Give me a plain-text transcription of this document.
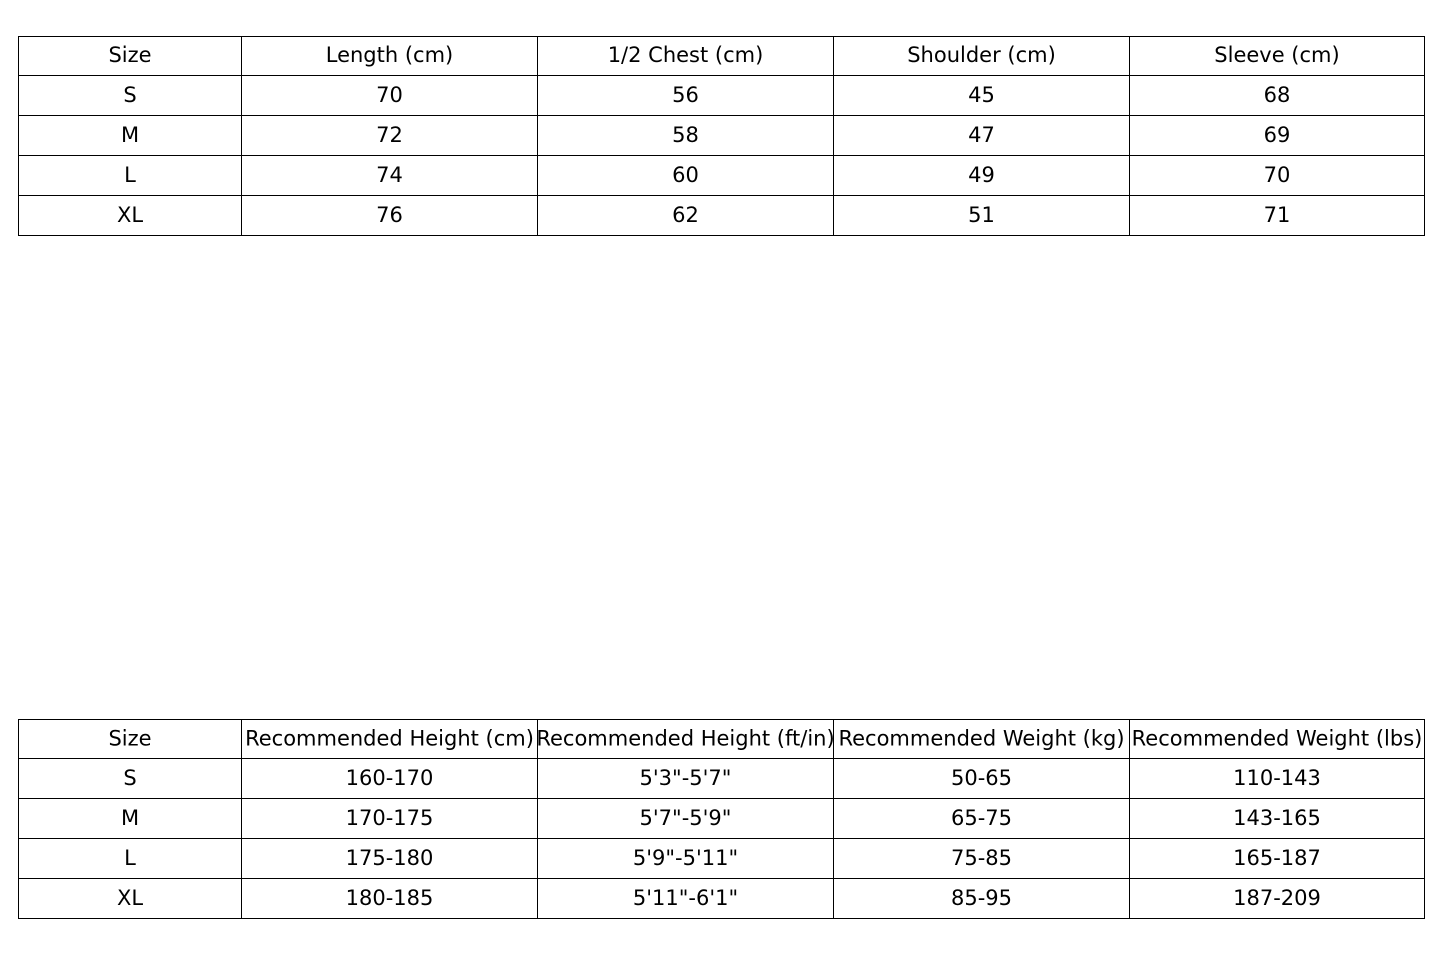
Size	Length (cm)	1/2 Chest (cm)	Shoulder (cm)	Sleeve (cm)
S	70	56	45	68
M	72	58	47	69
L	74	60	49	70
XL	76	62	51	71
Size	Recommended Height (cm)	Recommended Height (ft/in)	Recommended Weight (kg)	Recommended Weight (lbs)

S	160-170	5'3"-5'7"	50-65	110-143
M	170-175	5'7"-5'9"	65-75	143-165
L	175-180	5'9"-5'11"	75-85	165-187
XL	180-185	5'11"-6'1"	85-95	187-209
